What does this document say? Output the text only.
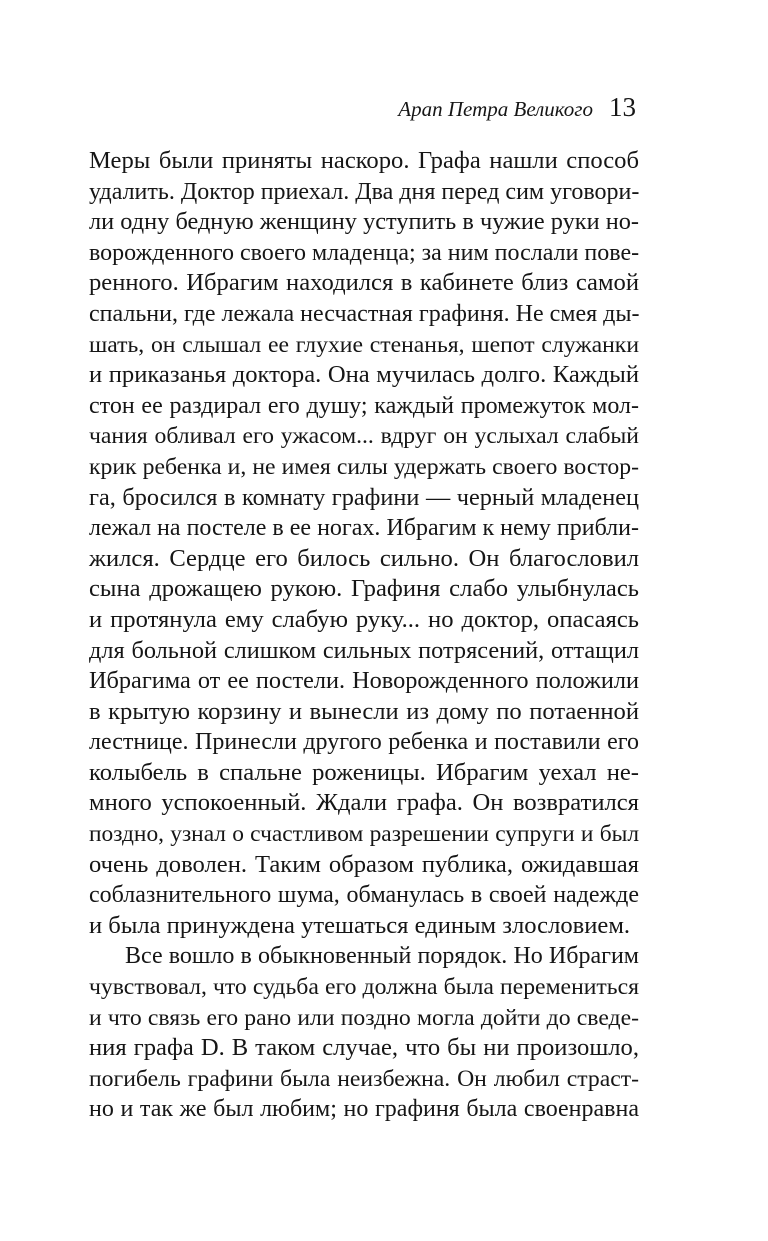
Арап Петра Великого 13
Меры были приняты наскоро. Графа нашли способ
удалить. Доктор приехал. Два дня перед сим уговори-
ли одну бедную женщину уступить в чужие руки но-
ворожденного своего младенца; за ним послали пове-
ренного. Ибрагим находился в кабинете близ самой
спальни, где лежала несчастная графиня. Не смея ды-
шать, он слышал ее глухие стенанья, шепот служанки
и приказанья доктора. Она мучилась долго. Каждый
стон ее раздирал его душу; каждый промежуток мол-
чания обливал его ужасом... вдруг он услыхал слабый
крик ребенка и, не имея силы удержать своего востор-
га, бросился в комнату графини — черный младенец
лежал на постеле в ее ногах. Ибрагим к нему прибли-
жился. Сердце его билось сильно. Он благословил
сына дрожащею рукою. Графиня слабо улыбнулась
и протянула ему слабую руку... но доктор, опасаясь
для больной слишком сильных потрясений, оттащил
Ибрагима от ее постели. Новорожденного положили
в крытую корзину и вынесли из дому по потаенной
лестнице. Принесли другого ребенка и поставили его
колыбель в спальне роженицы. Ибрагим уехал не-
много успокоенный. Ждали графа. Он возвратился
поздно, узнал о счастливом разрешении супруги и был
очень доволен. Таким образом публика, ожидавшая
соблазнительного шума, обманулась в своей надежде
и была принуждена утешаться единым злословием.
Все вошло в обыкновенный порядок. Но Ибрагим
чувствовал, что судьба его должна была перемениться
и что связь его рано или поздно могла дойти до сведе-
ния графа D. В таком случае, что бы ни произошло,
погибель графини была неизбежна. Он любил страст-
но и так же был любим; но графиня была своенравна
